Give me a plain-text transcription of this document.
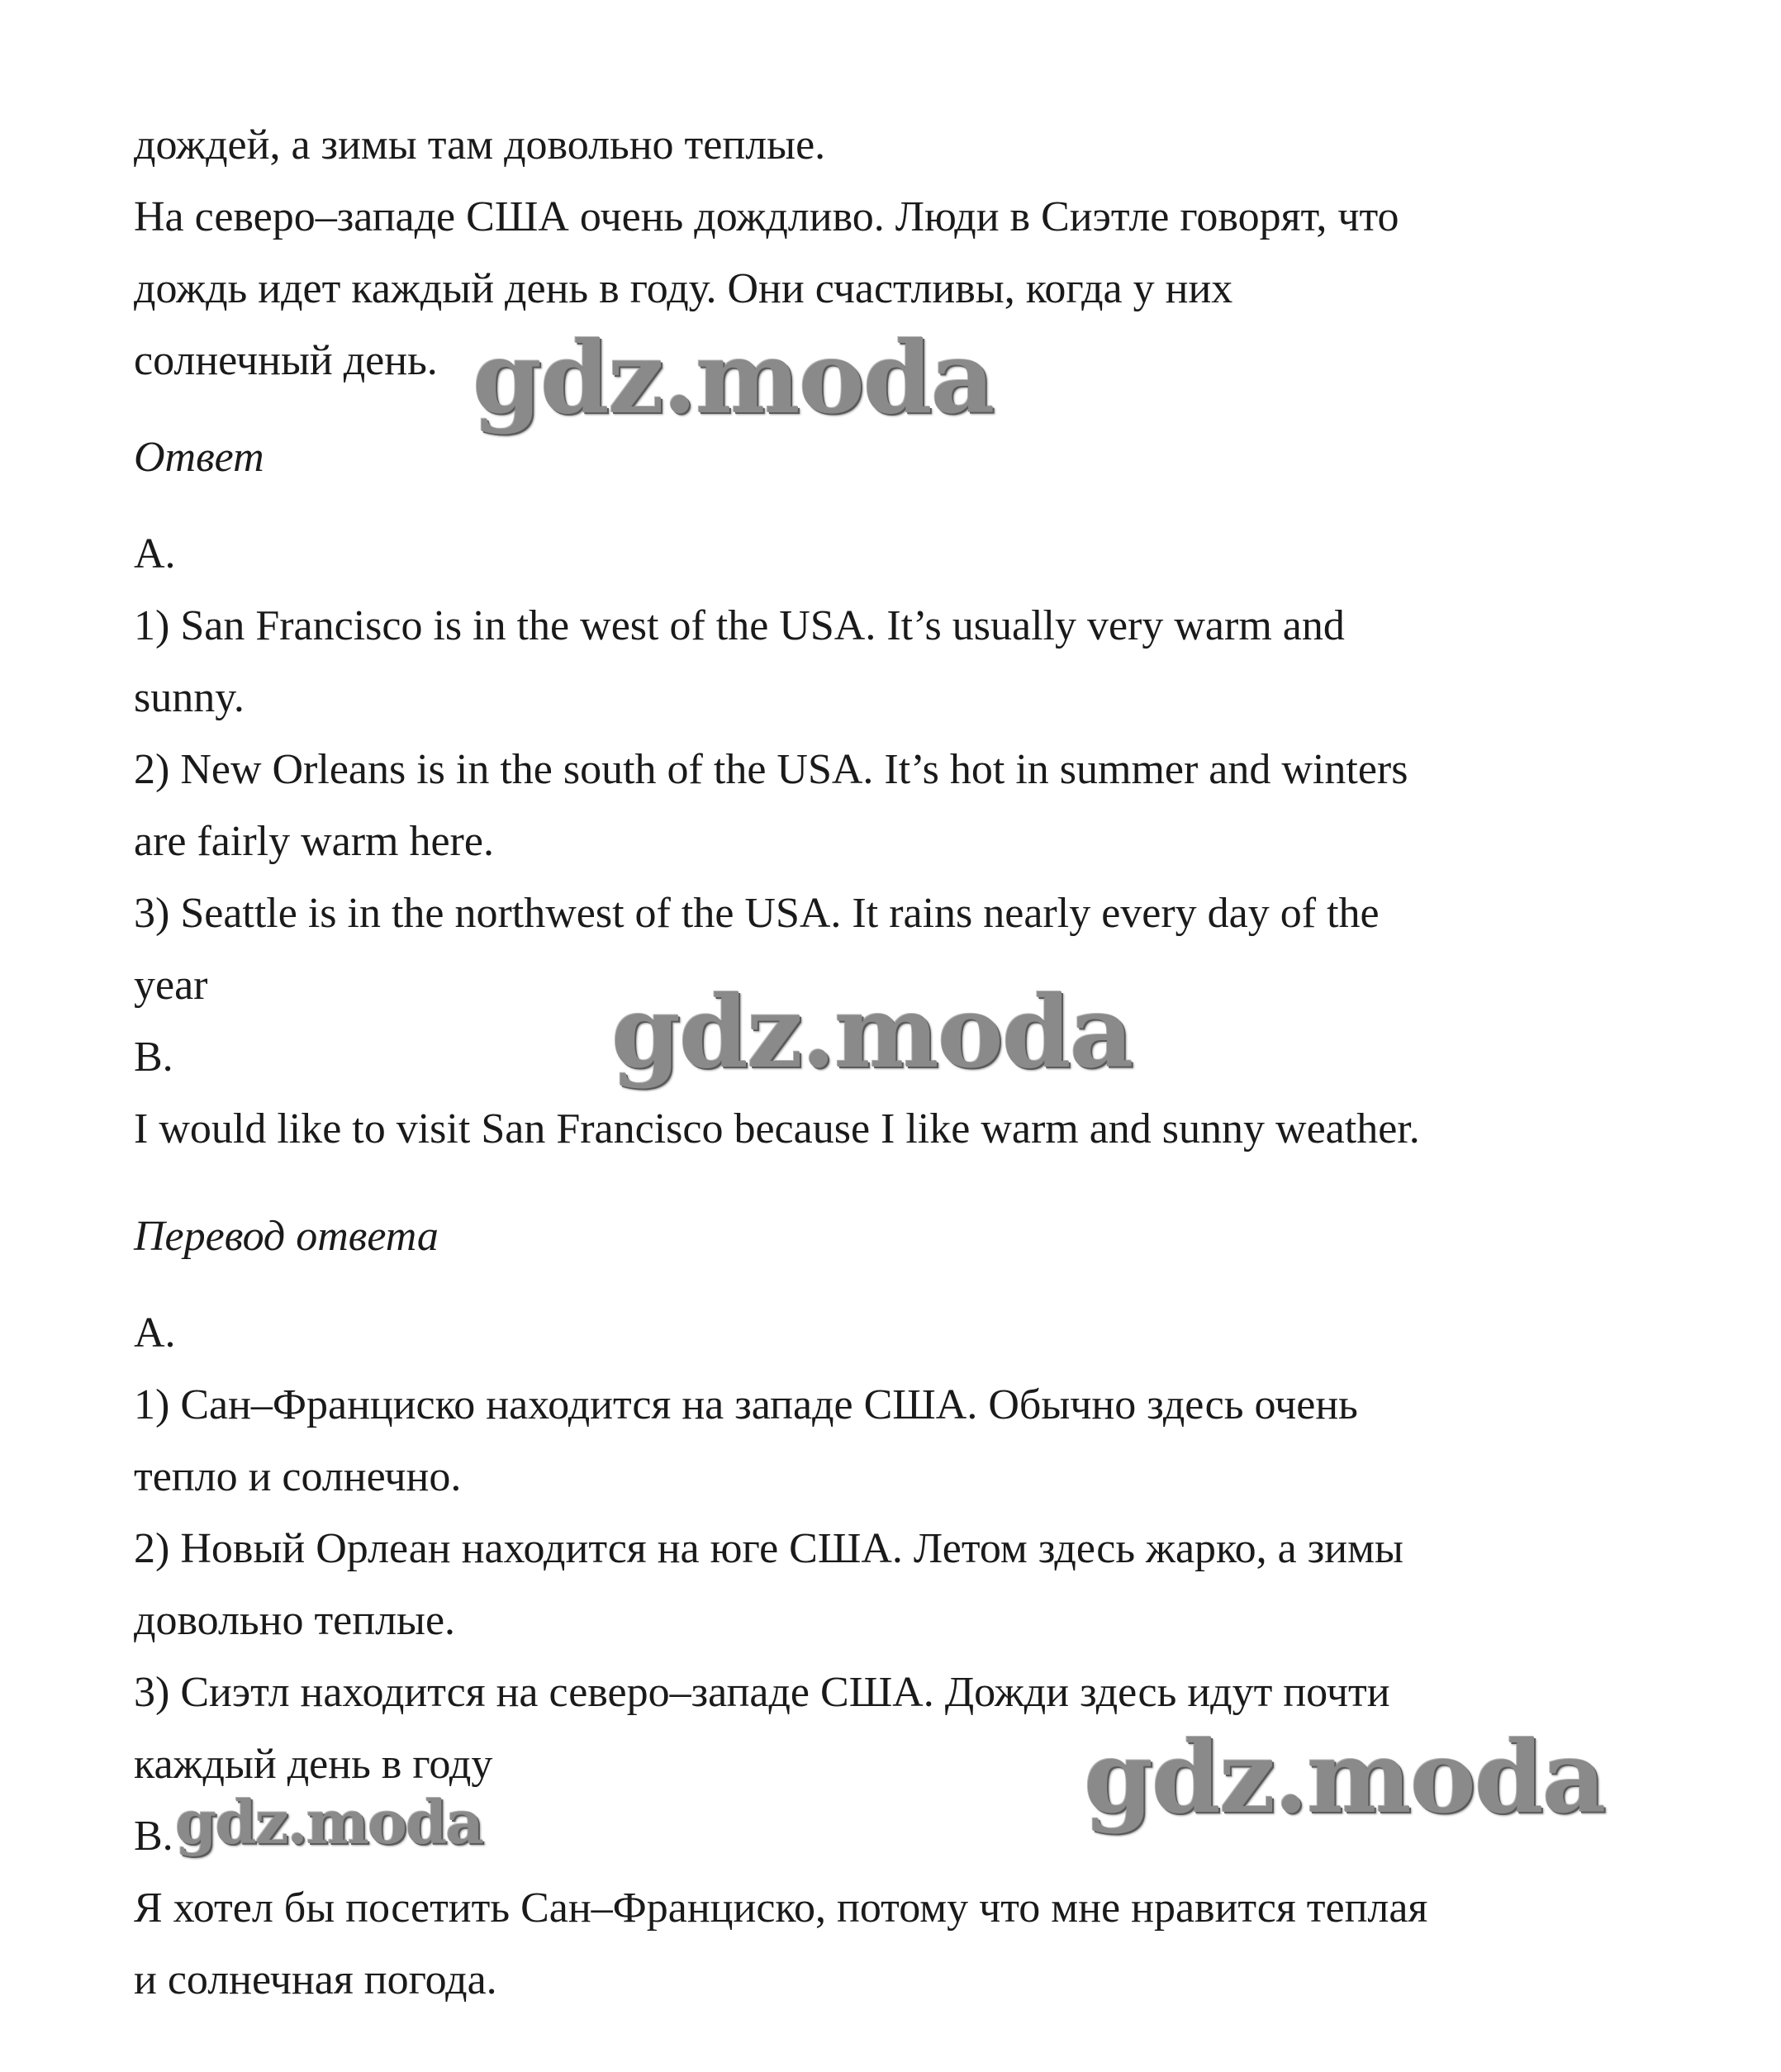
дождей, а зимы там довольно теплые.
На северо–западе США очень дождливо. Люди в Сиэтле говорят, что
дождь идет каждый день в году. Они счастливы, когда у них
солнечный день.
Ответ
A.
1) San Francisco is in the west of the USA. It’s usually very warm and
sunny.
2) New Orleans is in the south of the USA. It’s hot in summer and winters
are fairly warm here.
3) Seattle is in the northwest of the USA. It rains nearly every day of the
year
B.
I would like to visit San Francisco because I like warm and sunny weather.
Перевод ответа
А.
1) Сан–Франциско находится на западе США. Обычно здесь очень
тепло и солнечно.
2) Новый Орлеан находится на юге США. Летом здесь жарко, а зимы
довольно теплые.
3) Сиэтл находится на северо–западе США. Дожди здесь идут почти
каждый день в году
B.
Я хотел бы посетить Сан–Франциско, потому что мне нравится теплая
и солнечная погода.
gdz.moda
gdz.moda
gdz.moda
gdz.moda
